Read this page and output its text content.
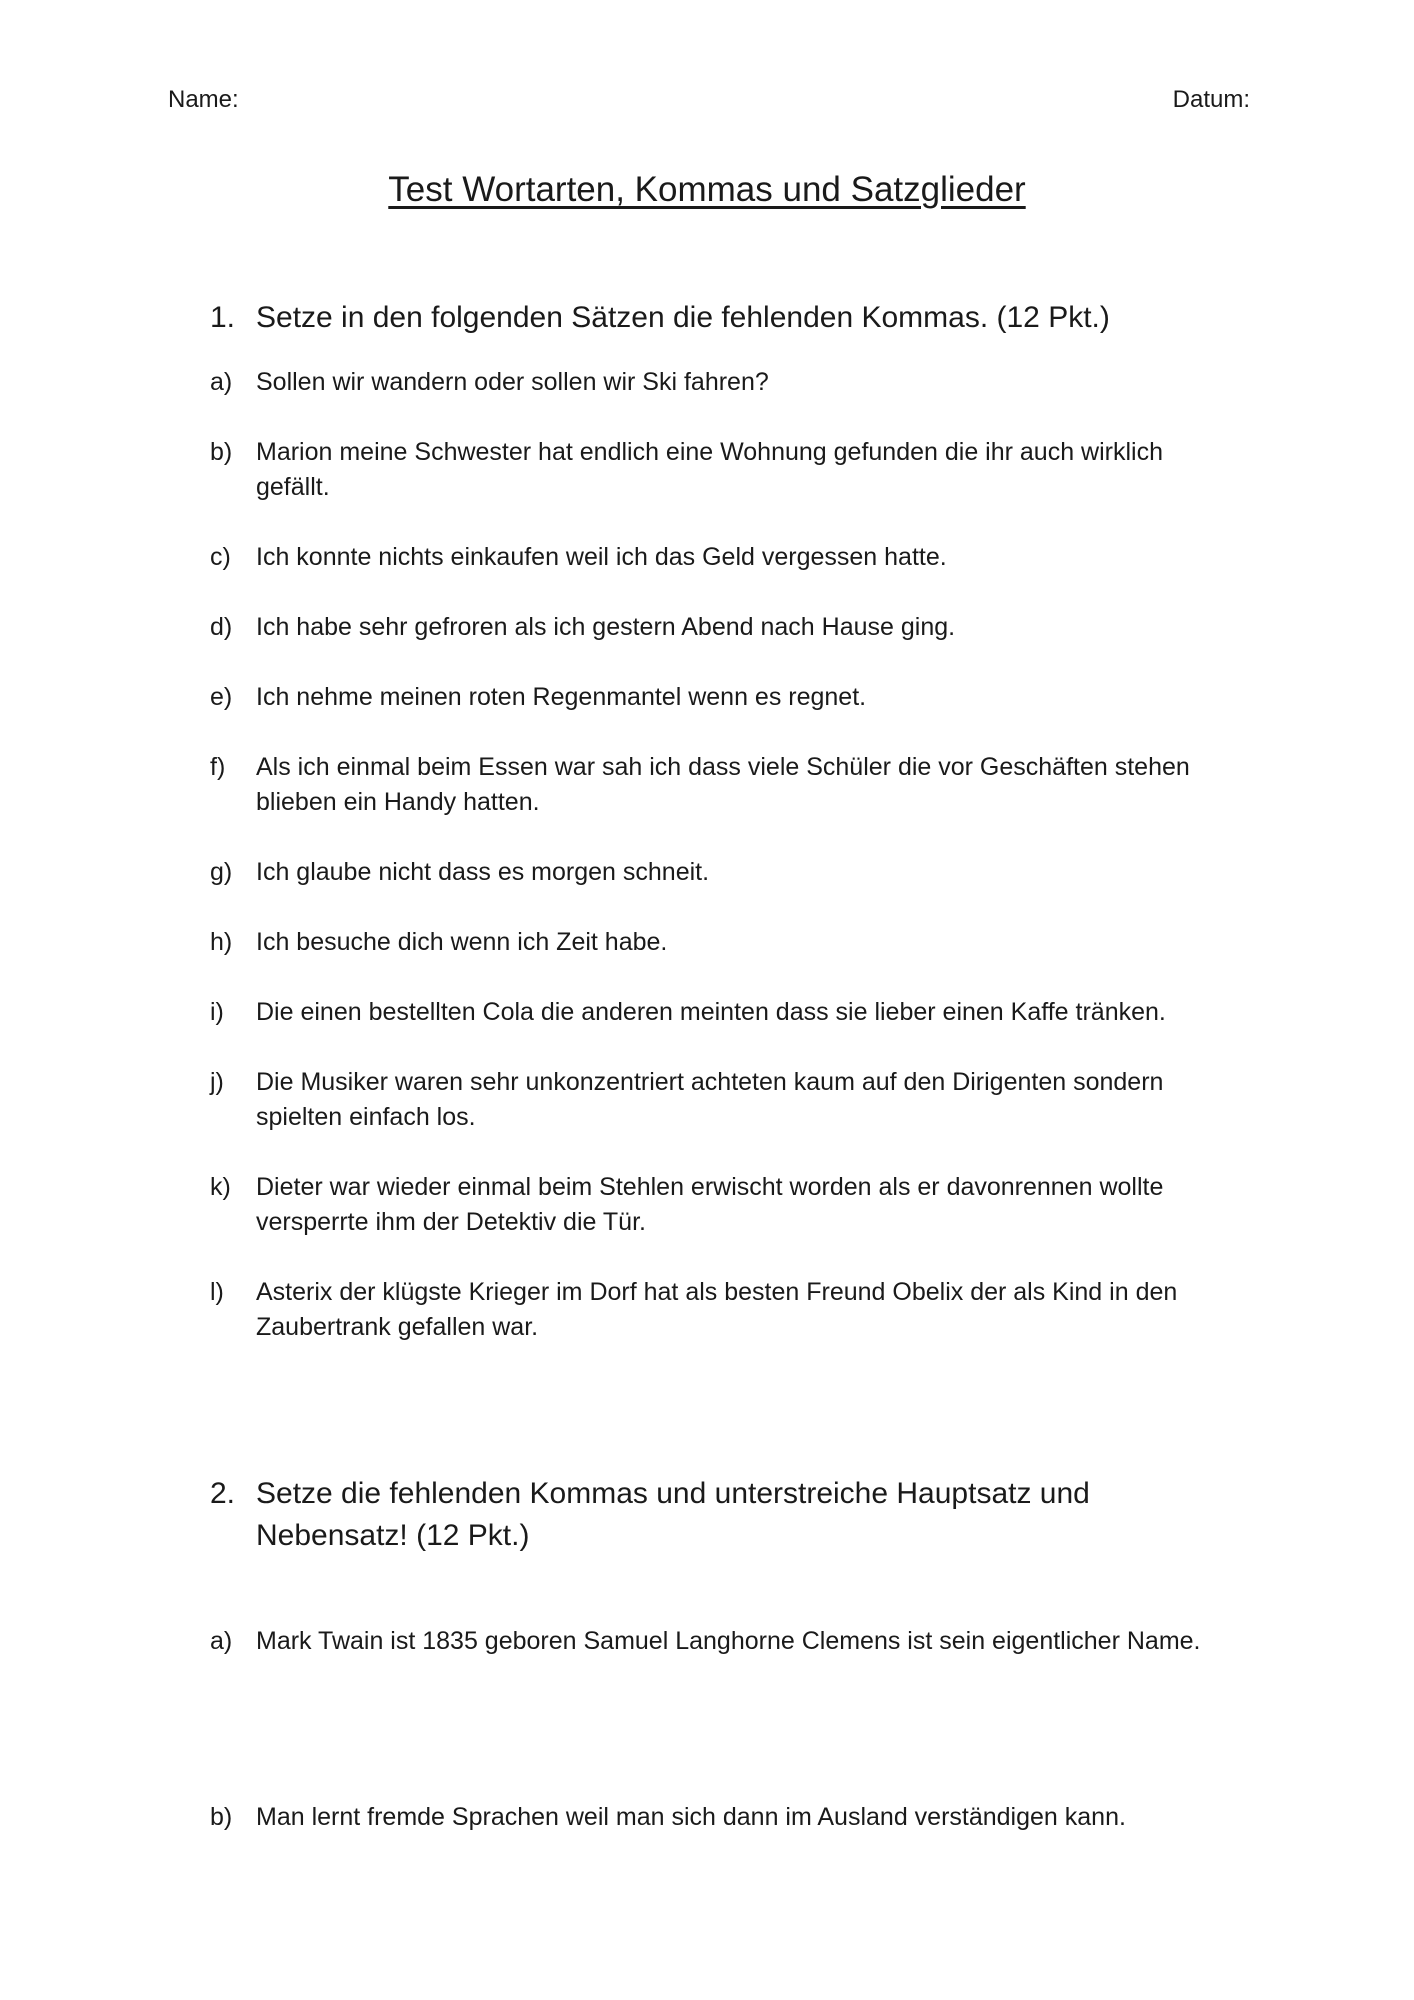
Name:	Datum:
Test Wortarten, Kommas und Satzglieder
1. Setze in den folgenden Sätzen die fehlenden Kommas. (12 Pkt.)
a) Sollen wir wandern oder sollen wir Ski fahren?
b) Marion meine Schwester hat endlich eine Wohnung gefunden die ihr auch wirklich gefällt.
c)	Ich konnte nichts einkaufen weil ich das Geld vergessen hatte.
d) Ich habe sehr gefroren als ich gestern Abend nach Hause ging.
e) Ich nehme meinen roten Regenmantel wenn es regnet.
f)	Als ich einmal beim Essen war sah ich dass viele Schüler die vor Geschäften stehen blieben ein Handy hatten.
g) Ich glaube nicht dass es morgen schneit.
h) Ich besuche dich wenn ich Zeit habe.
i)	Die einen bestellten Cola die anderen meinten dass sie lieber einen Kaffe tränken.
j)	Die Musiker waren sehr unkonzentriert achteten kaum auf den Dirigenten sondern spielten einfach los.
k)	Dieter war wieder einmal beim Stehlen erwischt worden als er davonrennen wollte versperrte ihm der Detektiv die Tür.
l)	Asterix der klügste Krieger im Dorf hat als besten Freund Obelix der als Kind in den Zaubertrank gefallen war.
2. Setze die fehlenden Kommas und unterstreiche Hauptsatz und Nebensatz! (12 Pkt.)
a) Mark Twain ist 1835 geboren Samuel Langhorne Clemens ist sein eigentlicher Name.
b) Man lernt fremde Sprachen weil man sich dann im Ausland verständigen kann.
